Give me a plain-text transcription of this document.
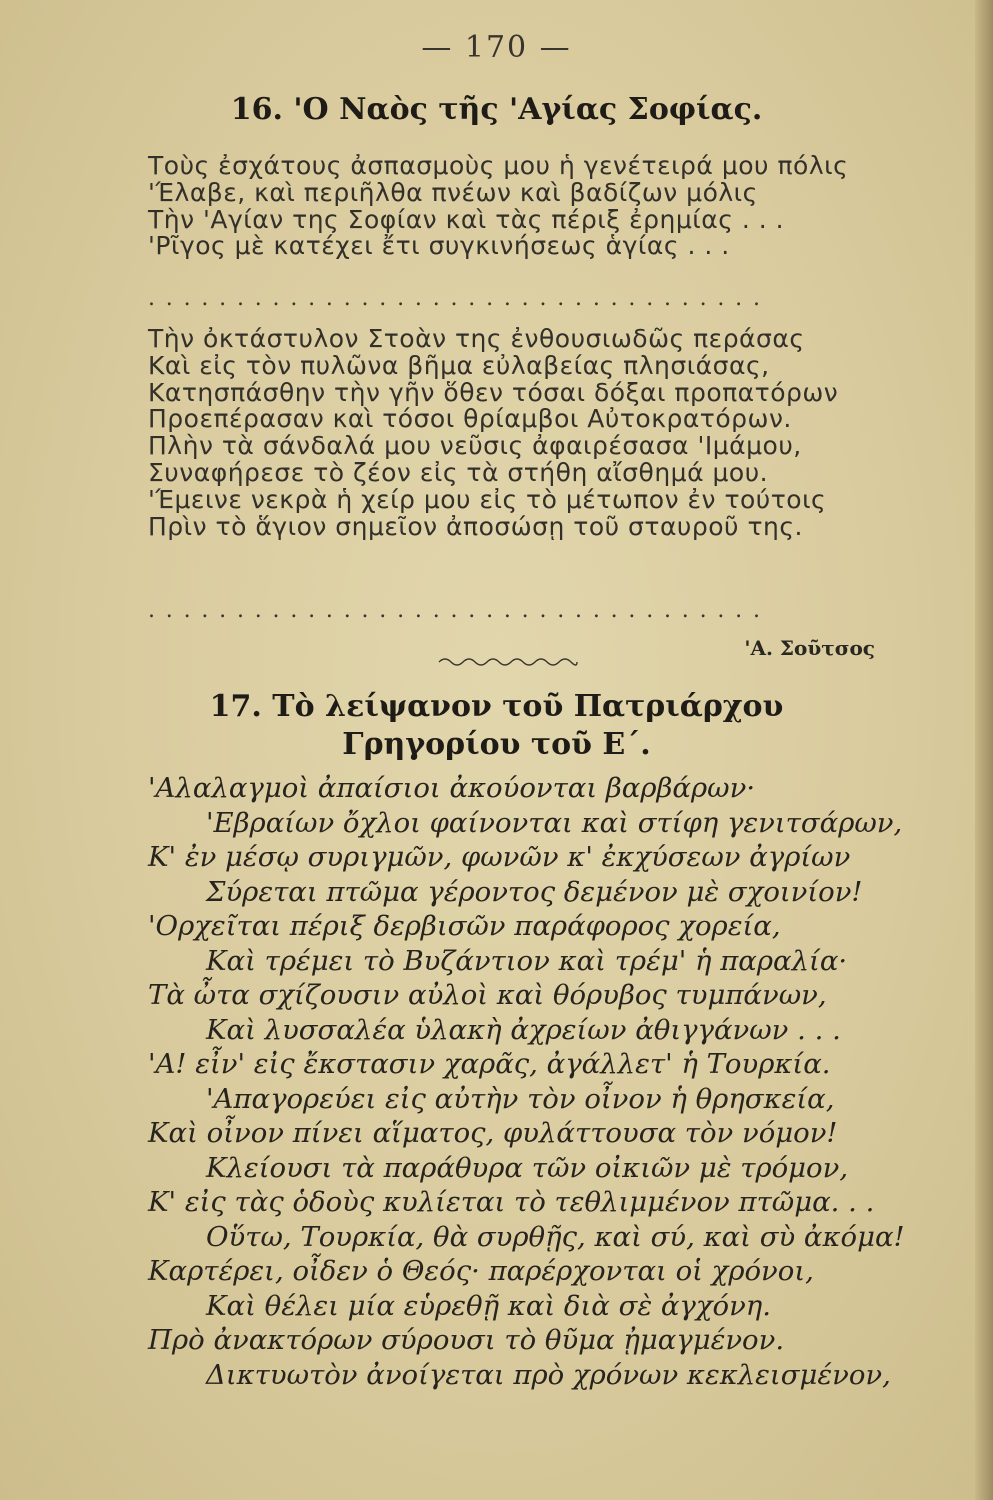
— 170 —
16. 'Ο Ναὸς τῆς 'Αγίας Σοφίας.
Τοὺς ἐσχάτους ἀσπασμοὺς μου ἡ γενέτειρά μου πόλις
'Έλαβε, καὶ περιῆλθα πνέων καὶ βαδίζων μόλις
Τὴν 'Αγίαν της Σοφίαν καὶ τὰς πέριξ ἐρημίας . . .
'Ρῖγος μὲ κατέχει ἔτι συγκινήσεως ἁγίας . . .
...................................
Τὴν ὀκτάστυλον Στοὰν της ἐνθουσιωδῶς περάσας
Καὶ εἰς τὸν πυλῶνα βῆμα εὐλαβείας πλησιάσας,
Κατησπάσθην τὴν γῆν ὅθεν τόσαι δόξαι προπατόρων
Προεπέρασαν καὶ τόσοι θρίαμβοι Αὐτοκρατόρων.
Πλὴν τὰ σάνδαλά μου νεῦσις ἀφαιρέσασα 'Ιμάμου,
Συναφήρεσε τὸ ζέον εἰς τὰ στήθη αἴσθημά μου.
'Έμεινε νεκρὰ ἡ χείρ μου εἰς τὸ μέτωπον ἐν τούτοις
Πρὶν τὸ ἅγιον σημεῖον ἀποσώσῃ τοῦ σταυροῦ της.
...................................
'Α. Σοῦτσος
17. Τὸ λείψανον τοῦ Πατριάρχου
Γρηγορίου τοῦ Ε΄.
'Αλαλαγμοὶ ἀπαίσιοι ἀκούονται βαρβάρων·
'Εβραίων ὄχλοι φαίνονται καὶ στίφη γενιτσάρων,
Κ' ἐν μέσῳ συριγμῶν, φωνῶν κ' ἐκχύσεων ἀγρίων
Σύρεται πτῶμα γέροντος δεμένον μὲ σχοινίον!
'Ορχεῖται πέριξ δερβισῶν παράφορος χορεία,
Καὶ τρέμει τὸ Βυζάντιον καὶ τρέμ' ἡ παραλία·
Τὰ ὦτα σχίζουσιν αὐλοὶ καὶ θόρυβος τυμπάνων,
Καὶ λυσσαλέα ὑλακὴ ἀχρείων ἀθιγγάνων . . .
'Α! εἶν' εἰς ἔκστασιν χαρᾶς, ἀγάλλετ' ἡ Τουρκία.
'Απαγορεύει εἰς αὐτὴν τὸν οἶνον ἡ θρησκεία,
Καὶ οἶνον πίνει αἵματος, φυλάττουσα τὸν νόμον!
Κλείουσι τὰ παράθυρα τῶν οἰκιῶν μὲ τρόμον,
Κ' εἰς τὰς ὁδοὺς κυλίεται τὸ τεθλιμμένον πτῶμα. . .
Οὕτω, Τουρκία, θὰ συρθῇς, καὶ σύ, καὶ σὺ ἀκόμα!
Καρτέρει, οἶδεν ὁ Θεός· παρέρχονται οἱ χρόνοι,
Καὶ θέλει μία εὑρεθῇ καὶ διὰ σὲ ἀγχόνη.
Πρὸ ἀνακτόρων σύρουσι τὸ θῦμα ᾐμαγμένον.
Δικτυωτὸν ἀνοίγεται πρὸ χρόνων κεκλεισμένον,
